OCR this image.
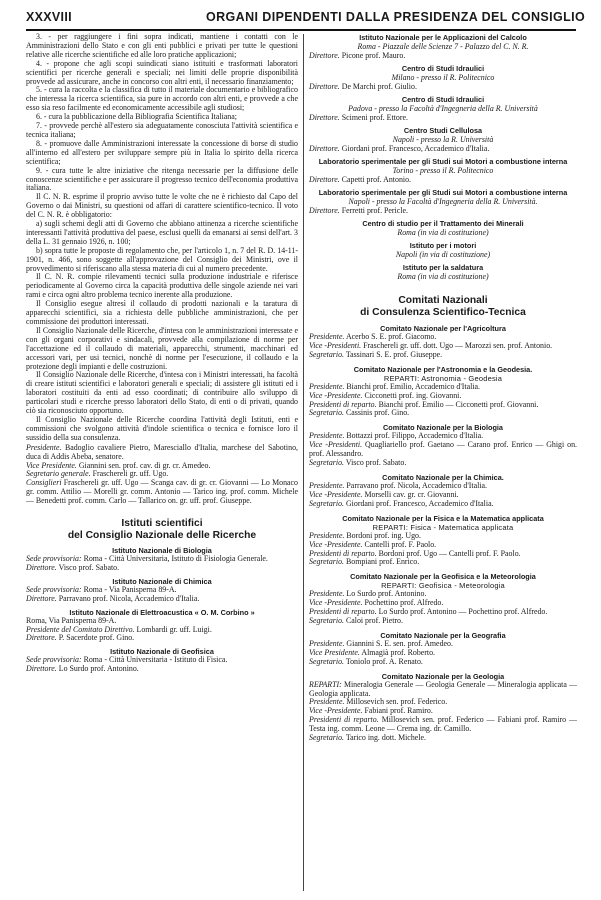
XXXVIII	ORGANI DIPENDENTI DALLA PRESIDENZA DEL CONSIGLIO

3. - per raggiungere i fini sopra indicati, mantiene i contatti con le Amministrazioni dello Stato e con gli enti pubblici e privati per tutte le questioni relative alle ricerche scientifiche ed alle loro pratiche applicazioni;

4. - propone che agli scopi suindicati siano istituiti e trasformati laboratori scientifici per ricerche generali e speciali; nei limiti delle proprie disponibilità provvede ad assicurare, anche in concorso con altri enti, il necessario finanziamento;

5. - cura la raccolta e la classifica di tutto il materiale documentario e bibliografico che interessa la ricerca scientifica, sia pure in accordo con altri enti, e provvede a che esso sia reso facilmente ed economicamente accessibile agli studiosi;

6. - cura la pubblicazione della Bibliografia Scientifica Italiana;

7. - provvede perchè all'estero sia adeguatamente conosciuta l'attività scientifica e tecnica italiana;

8. - promuove dalle Amministrazioni interessate la concessione di borse di studio all'interno ed all'estero per sviluppare sempre più in Italia lo spirito della ricerca scientifica;

9. - cura tutte le altre iniziative che ritenga necessarie per la diffusione delle conoscenze scientifiche e per assicurare il progresso tecnico dell'economia produttiva italiana.

Il C. N. R. esprime il proprio avviso tutte le volte che ne è richiesto dal Capo del Governo o dai Ministri, su questioni od affari di carattere scientifico-tecnico. Il voto del C. N. R. è obbligatorio:

a) sugli schemi degli atti di Governo che abbiano attinenza a ricerche scientifiche interessanti l'attività produttiva del paese, esclusi quelli da emanarsi ai sensi dell'art. 3 della L. 31 gennaio 1926, n. 100;

b) sopra tutte le proposte di regolamento che, per l'articolo 1, n. 7 del R. D. 14-11-1901, n. 466, sono soggette all'approvazione del Consiglio dei Ministri, ove il provvedimento si riferiscano alla stessa materia di cui al numero precedente.

Il C. N. R. compie rilevamenti tecnici sulla produzione industriale e riferisce periodicamente al Governo circa la capacità produttiva delle singole aziende nei vari rami e circa ogni altro problema tecnico inerente alla produzione.

Il Consiglio esegue altresì il collaudo di prodotti nazionali e la taratura di apparecchi scientifici, sia a richiesta delle pubbliche amministrazioni, che per commissione dei produttori interessati.

Il Consiglio Nazionale delle Ricerche, d'intesa con le amministrazioni interessate e con gli organi corporativi e sindacali, provvede alla compilazione di norme per l'accettazione ed il collaudo di materiali, apparecchi, strumenti, macchinari ed accessori vari, per usi tecnici, nonchè di norme per l'esecuzione, il collaudo e la protezione degli impianti e delle costruzioni.

Il Consiglio Nazionale delle Ricerche, d'intesa con i Ministri interessati, ha facoltà di creare istituti scientifici e laboratori generali e speciali; di assistere gli istituti ed i laboratori costituiti da enti ad esso coordinati; di contribuire allo sviluppo di particolari studi e ricerche presso laboratori dello Stato, di enti o di privati, quando ciò sia riconosciuto opportuno.

Il Consiglio Nazionale delle Ricerche coordina l'attività degli Istituti, enti e commissioni che svolgono attività d'indole scientifica o tecnica e fornisce loro il sussidio della sua consulenza.

Presidente. Badoglio cavaliere Pietro, Maresciallo d'Italia, marchese del Sabotino, duca di Addis Abeba, senatore.

Vice Presidente. Giannini sen. prof. cav. di gr. cr. Amedeo.

Segretario generale. Fraschereli gr. uff. Ugo.

Consiglieri Fraschereli gr. uff. Ugo — Scanga cav. di gr. cr. Giovanni — Lo Monaco gr. comm. Attilio — Morelli gr. comm. Antonio — Tarico ing. prof. comm. Michele — Benedetti prof. comm. Carlo — Tallarico on. gr. uff. prof. Giuseppe.

Istituti scientifici

del Consiglio Nazionale delle Ricerche

Istituto Nazionale di Biologia

Sede provvisoria: Roma - Città Universitaria, Istituto di Fisiologia Generale.

Direttore. Visco prof. Sabato.

Istituto Nazionale di Chimica

Sede provvisoria: Roma - Via Panisperna 89-A.

Direttore. Parravano prof. Nicola, Accademico d'Italia.

Istituto Nazionale di Elettroacustica « O. M. Corbino »

Roma, Via Panisperna 89-A.

Presidente del Comitato Direttivo. Lombardi gr. uff. Luigi.

Direttore. P. Sacerdote prof. Gino.

Istituto Nazionale di Geofisica

Sede provvisoria: Roma - Città Universitaria - Istituto di Fisica.

Direttore. Lo Surdo prof. Antonino.

Istituto Nazionale per le Applicazioni del Calcolo

Roma - Piazzale delle Scienze 7 - Palazzo del C. N. R.

Direttore. Picone prof. Mauro.

Centro di Studi Idraulici

Milano - presso il R. Politecnico

Direttore. De Marchi prof. Giulio.

Centro di Studi Idraulici

Padova - presso la Facoltà d'Ingegneria della R. Università

Direttore. Scimeni prof. Ettore.

Centro Studi Cellulosa

Napoli - presso la R. Università

Direttore. Giordani prof. Francesco, Accademico d'Italia.

Laboratorio sperimentale per gli Studi sui Motori a combustione interna

Torino - presso il R. Politecnico

Direttore. Capetti prof. Antonio.

Laboratorio sperimentale per gli Studi sui Motori a combustione interna

Napoli - presso la Facoltà d'Ingegneria della R. Università.

Direttore. Ferretti prof. Pericle.

Centro di studio per il Trattamento dei Minerali

Roma (in via di costituzione)

Istituto per i motori

Napoli (in via di costituzione)

Istituto per la saldatura

Roma (in via di costituzione)

Comitati Nazionali

di Consulenza Scientifico-Tecnica

Comitato Nazionale per l'Agricoltura

Presidente. Acerbo S. E. prof. Giacomo.

Vice -Presidenti. Fraschereli gr. uff. dott. Ugo — Marozzi sen. prof. Antonio.

Segretario. Tassinari S. E. prof. Giuseppe.

Comitato Nazionale per l'Astronomia e la Geodesia.

REPARTI: Astronomia - Geodesia

Presidente. Bianchi prof. Emilio, Accademico d'Italia.

Vice -Presidente. Cicconetti prof. ing. Giovanni.

Presidenti di reparto. Bianchi prof. Emilio — Cicconetti prof. Giovanni.

Segretario. Cassinis prof. Gino.

Comitato Nazionale per la Biologia

Presidente. Bottazzi prof. Filippo, Accademico d'Italia.

Vice -Presidenti. Quagliariello prof. Gaetano — Carano prof. Enrico — Ghigi on. prof. Alessandro.

Segretario. Visco prof. Sabato.

Comitato Nazionale per la Chimica.

Presidente. Parravano prof. Nicola, Accademico d'Italia.

Vice -Presidente. Morselli cav. gr. cr. Giovanni.

Segretario. Giordani prof. Francesco, Accademico d'Italia.

Comitato Nazionale per la Fisica e la Matematica applicata

REPARTI: Fisica - Matematica applicata

Presidente. Bordoni prof. ing. Ugo.

Vice -Presidente. Cantelli prof. F. Paolo.

Presidenti di reparto. Bordoni prof. Ugo — Cantelli prof. F. Paolo.

Segretario. Bompiani prof. Enrico.

Comitato Nazionale per la Geofisica e la Meteorologia

REPARTI: Geofisica - Meteorologia

Presidente. Lo Surdo prof. Antonino.

Vice -Presidente. Pochettino prof. Alfredo.

Presidenti di reparto. Lo Surdo prof. Antonino — Pochettino prof. Alfredo.

Segretario. Caloi prof. Pietro.

Comitato Nazionale per la Geografia

Presidente. Giannini S. E. sen. prof. Amedeo.

Vice Presidente. Almagià prof. Roberto.

Segretario. Toniolo prof. A. Renato.

Comitato Nazionale per la Geologia

REPARTI: Mineralogia Generale — Geologia Generale — Mineralogia applicata — Geologia applicata.

Presidente. Millosevich sen. prof. Federico.

Vice -Presidente. Fabiani prof. Ramiro.

Presidenti di reparto. Millosevich sen. prof. Federico — Fabiani prof. Ramiro — Testa ing. comm. Leone — Crema ing. dr. Camillo.

Segretario. Tarico ing. dott. Michele.
